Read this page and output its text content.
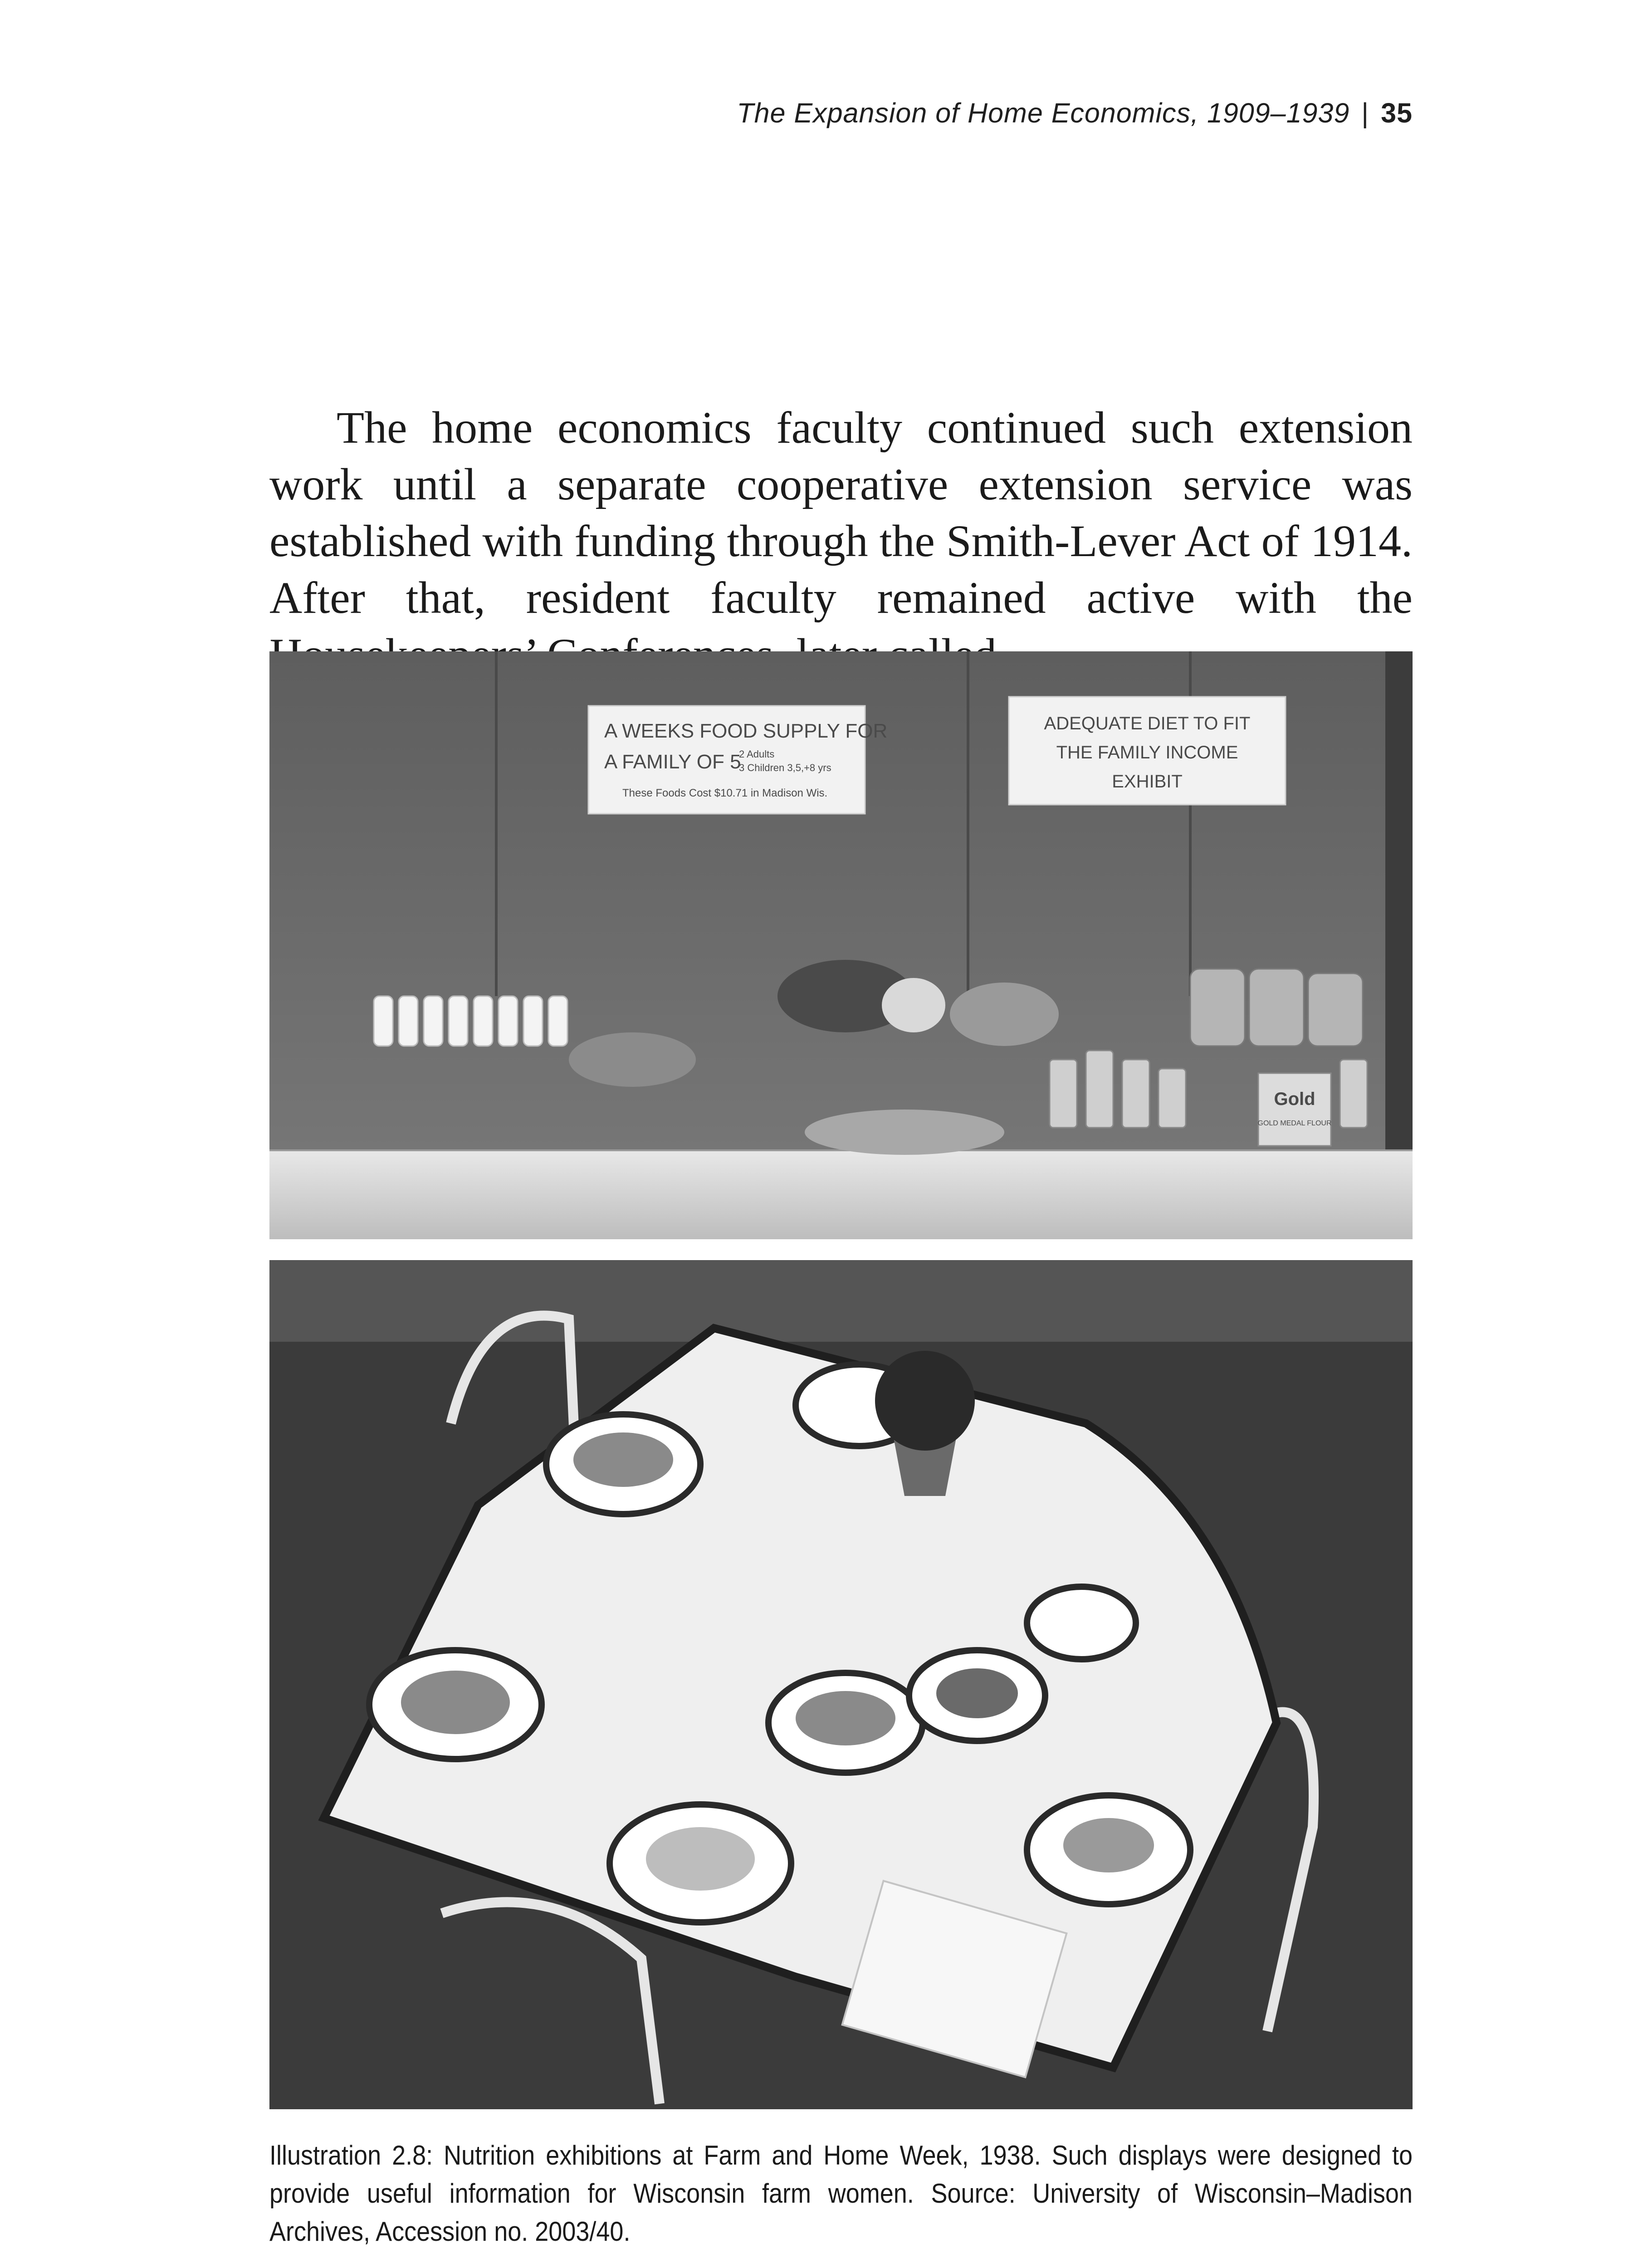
The Expansion of Home Economics, 1909–1939 | 35

The home economics faculty continued such extension work until a separate cooperative extension service was established with funding through the Smith-Lever Act of 1914. After that, resident faculty remained active with the

A WEEKS FOOD SUPPLY FOR
A FAMILY OF 5
2 Adults
3 Children 3,5,+8 yrs
These Foods Cost $10.71 in Madison Wis.
ADEQUATE DIET TO FIT
THE FAMILY INCOME
EXHIBIT
Gold
GOLD MEDAL FLOUR

Illustration 2.8: Nutrition exhibitions at Farm and Home Week, 1938. Such displays were designed to provide useful information for Wisconsin farm women. Source: University of Wisconsin–Madison Archives, Accession no. 2003/40.
